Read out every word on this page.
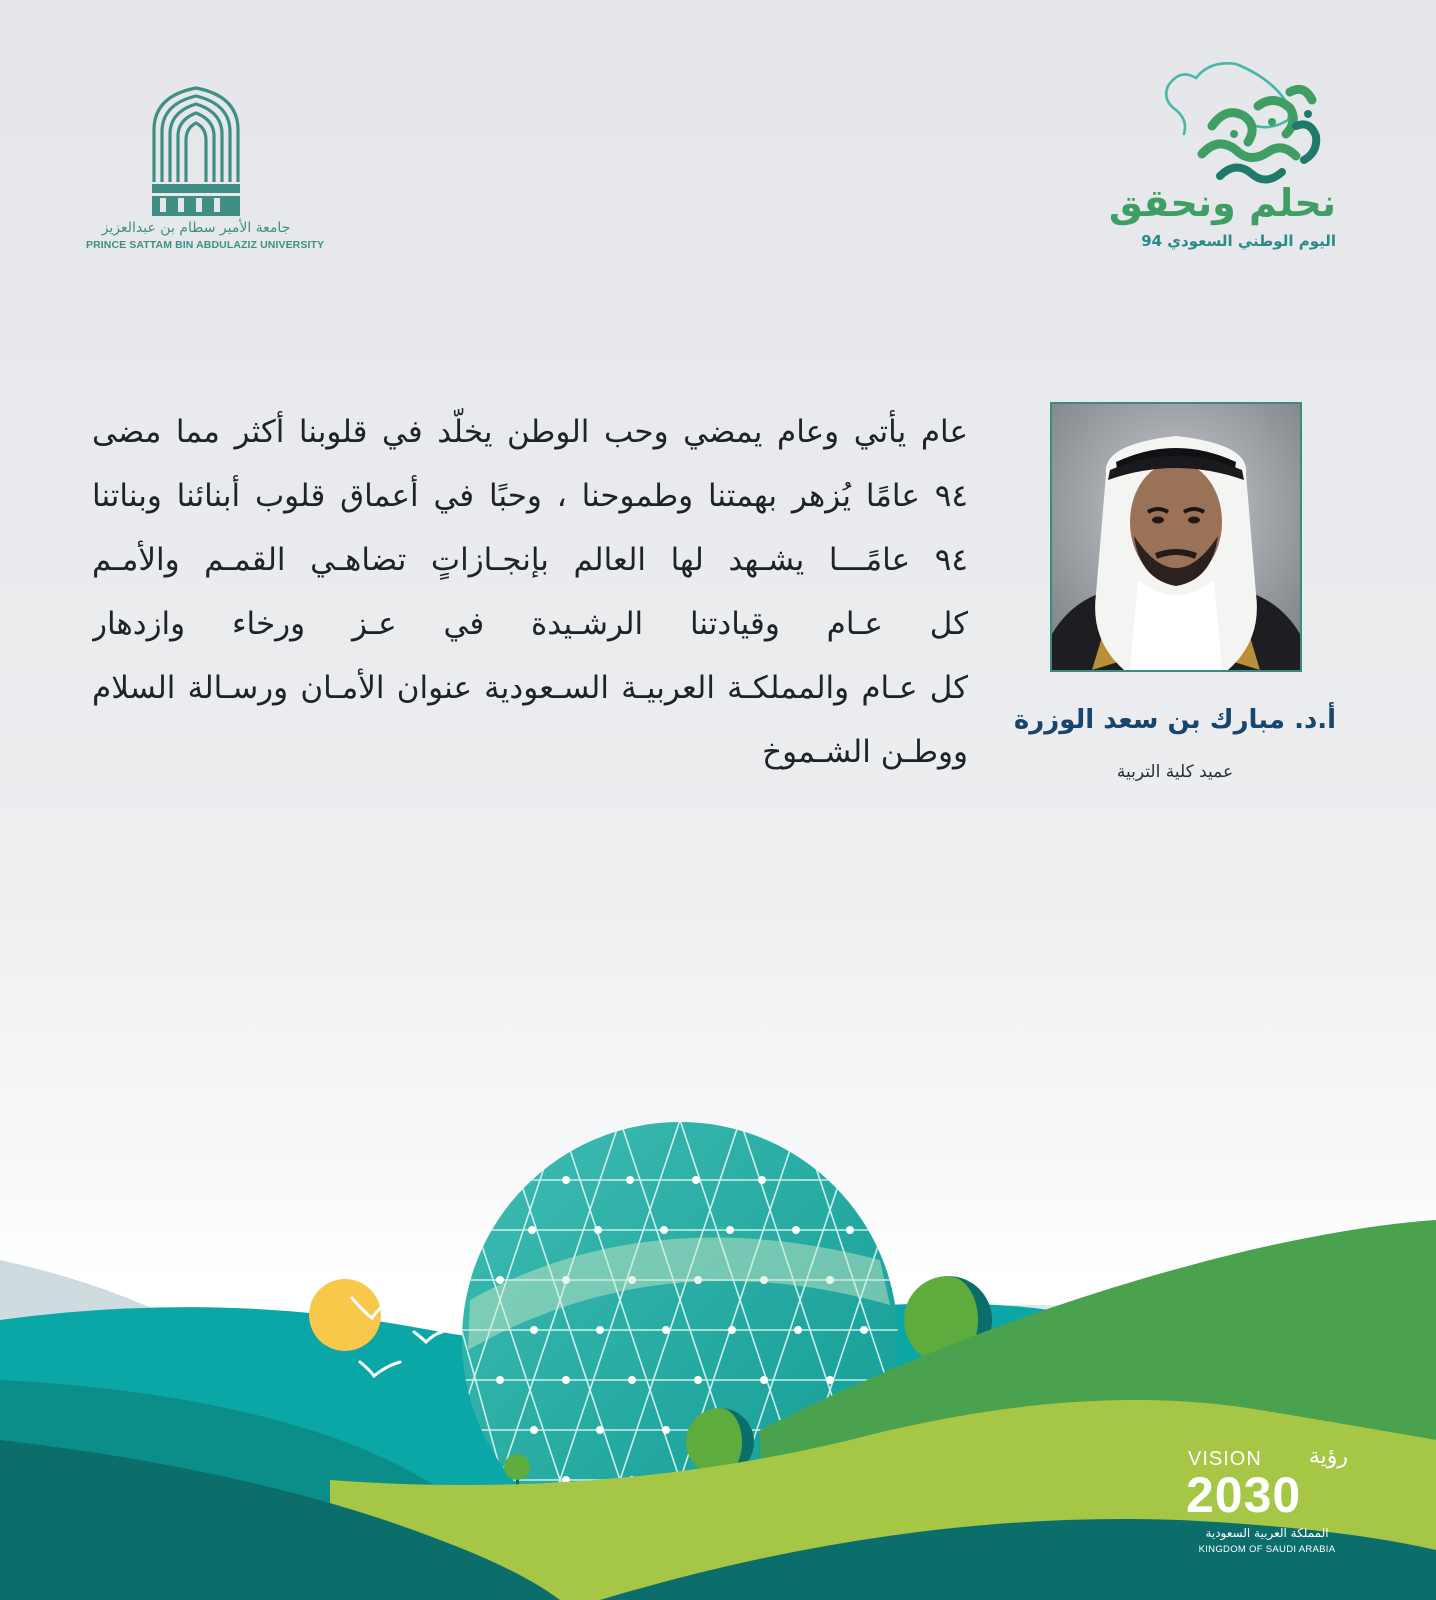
جامعة الأمير سطام بن عبدالعزيز
PRINCE SATTAM BIN ABDULAZIZ UNIVERSITY
نحلم ونحقق
اليوم الوطني السعودي 94
أ.د. مبارك بن سعد الوزرة
عميد كلية التربية
عام يأتي وعام يمضي وحب الوطن يخلّد في قلوبنا أكثر مما مضى
٩٤ عامًا يُزهر بهمتنا وطموحنا ، وحبًا في أعماق قلوب أبنائنا وبناتنا
٩٤ عامًـــا يشـهد لها العالم بإنجـازاتٍ تضاهـي القمـم والأمـم
كل عـام وقيادتنا الرشـيدة في عـز ورخاء وازدهار
كل عـام والمملكـة العربيـة السـعودية عنوان الأمـان ورسـالة السلام
ووطـن الشـموخ
VISION رؤية
2030
المملكة العربية السعودية
KINGDOM OF SAUDI ARABIA
